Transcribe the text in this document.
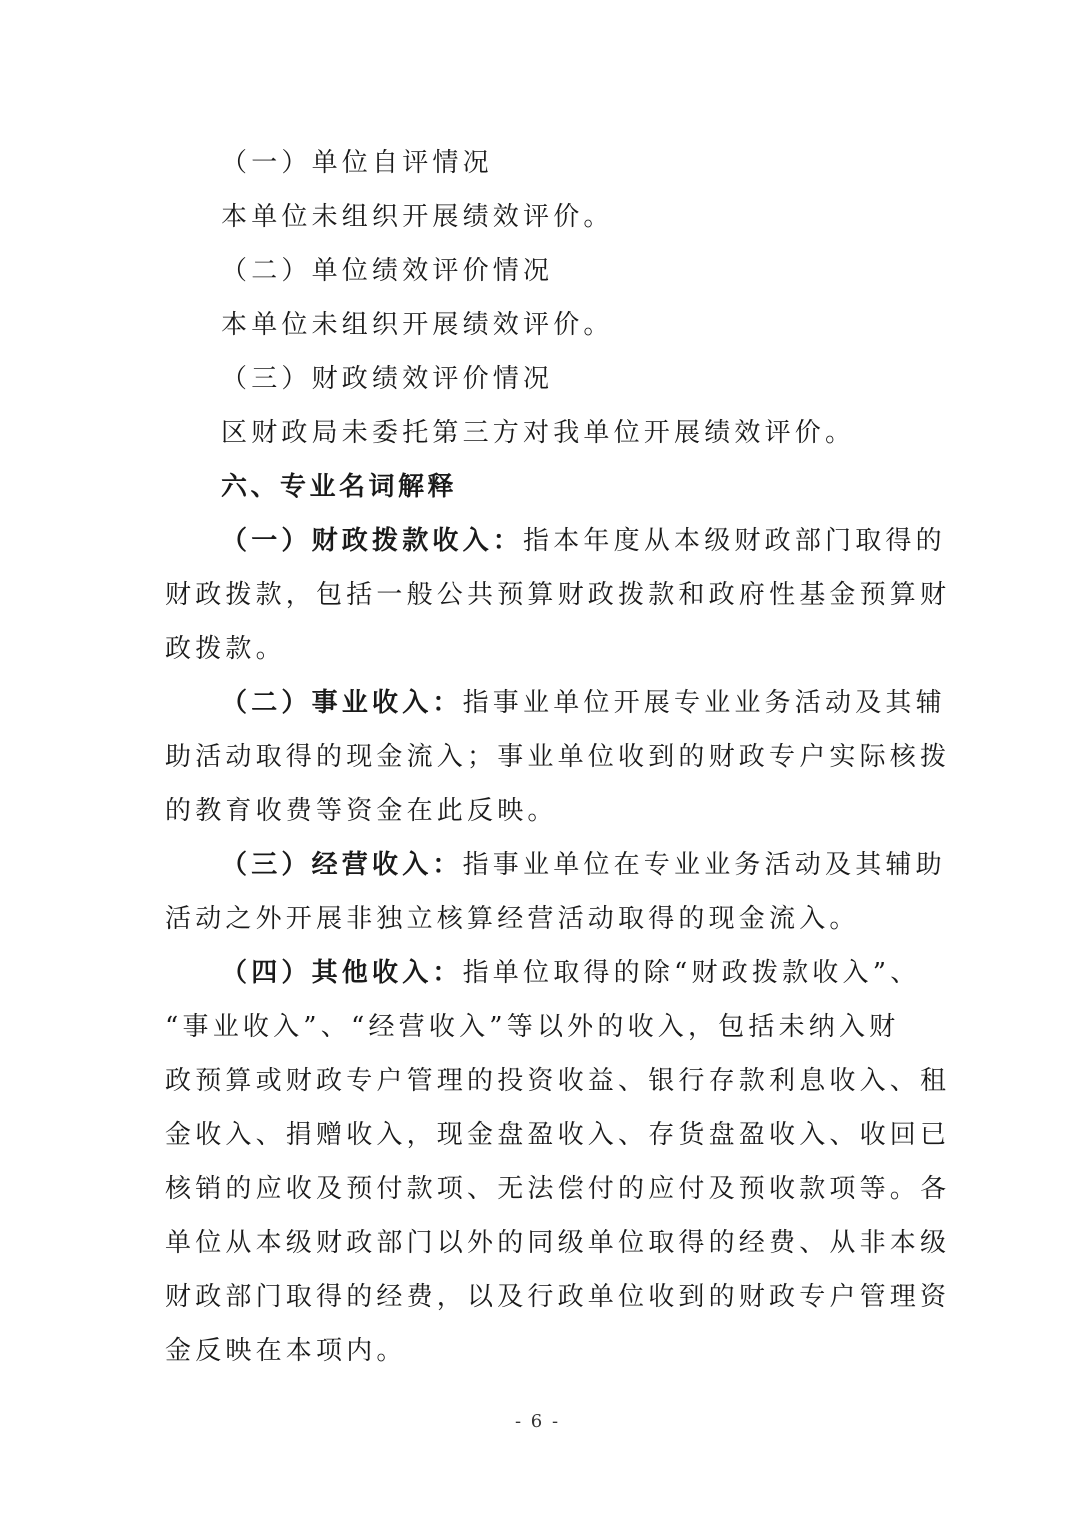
（一）单位自评情况
本单位未组织开展绩效评价。
（二）单位绩效评价情况
本单位未组织开展绩效评价。
（三）财政绩效评价情况
区财政局未委托第三方对我单位开展绩效评价。
六、专业名词解释
（一）财政拨款收入：指本年度从本级财政部门取得的
财政拨款，包括一般公共预算财政拨款和政府性基金预算财
政拨款。
（二）事业收入：指事业单位开展专业业务活动及其辅
助活动取得的现金流入；事业单位收到的财政专户实际核拨
的教育收费等资金在此反映。
（三）经营收入：指事业单位在专业业务活动及其辅助
活动之外开展非独立核算经营活动取得的现金流入。
（四）其他收入：指单位取得的除“财政拨款收入”、
“事业收入”、“经营收入”等以外的收入，包括未纳入财
政预算或财政专户管理的投资收益、银行存款利息收入、租
金收入、捐赠收入，现金盘盈收入、存货盘盈收入、收回已
核销的应收及预付款项、无法偿付的应付及预收款项等。各
单位从本级财政部门以外的同级单位取得的经费、从非本级
财政部门取得的经费，以及行政单位收到的财政专户管理资
金反映在本项内。
- 6 -
